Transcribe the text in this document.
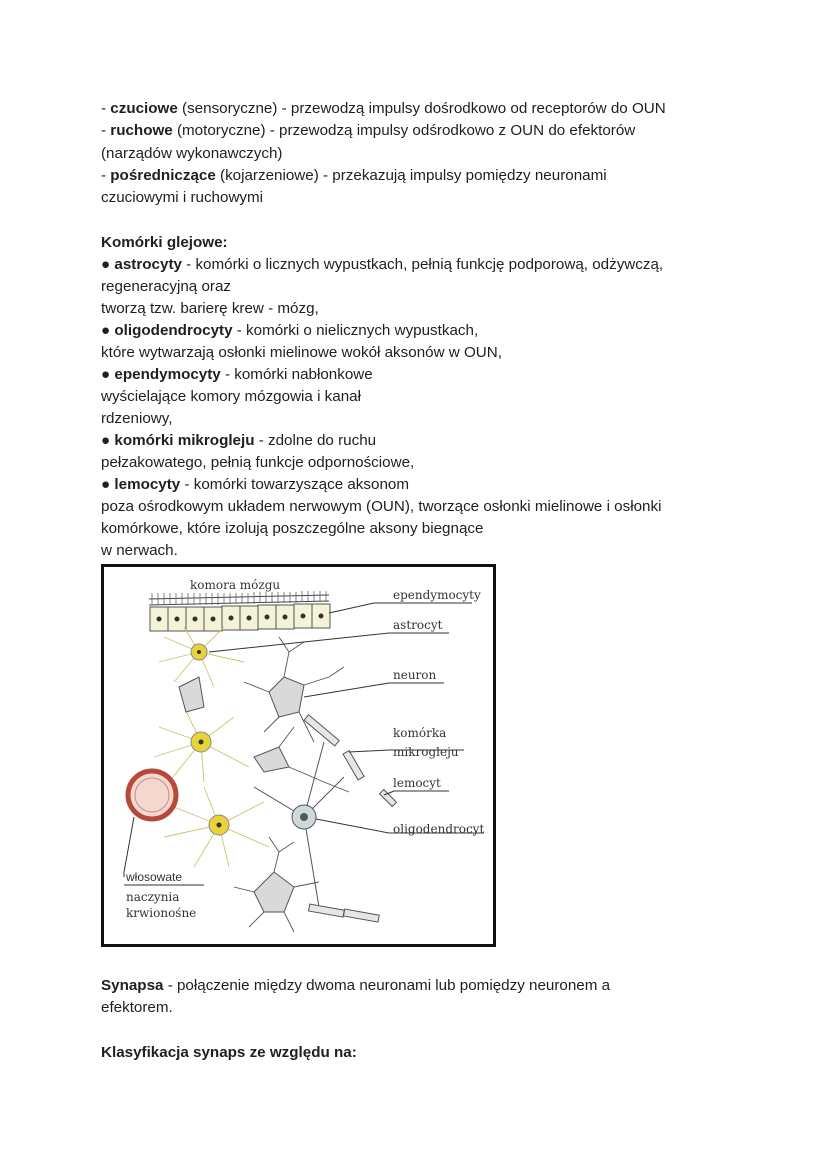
- czuciowe (sensoryczne) - przewodzą impulsy dośrodkowo od receptorów do OUN
- ruchowe (motoryczne) - przewodzą impulsy odśrodkowo z OUN do efektorów
(narządów wykonawczych)
- pośredniczące (kojarzeniowe) - przekazują impulsy pomiędzy neuronami
czuciowymi i ruchowymi
Komórki glejowe:
● astrocyty - komórki o licznych wypustkach, pełnią funkcję podporową, odżywczą,
regeneracyjną oraz
tworzą tzw. barierę krew - mózg,
● oligodendrocyty - komórki o nielicznych wypustkach,
które wytwarzają osłonki mielinowe wokół aksonów w OUN,
● ependymocyty - komórki nabłonkowe
wyścielające komory mózgowia i kanał
rdzeniowy,
● komórki mikrogleju - zdolne do ruchu
pełzakowatego, pełnią funkcje odpornościowe,
● lemocyty - komórki towarzyszące aksonom
poza ośrodkowym układem nerwowym (OUN), tworzące osłonki mielinowe i osłonki
komórkowe, które izolują poszczególne aksony biegnące
w nerwach.
komora mózgu
ependymocyty
astrocyt
neuron
komórka
mikrogleju
lemocyt
oligodendrocyt
włosowate
naczynia
krwionośne
Synapsa - połączenie między dwoma neuronami lub pomiędzy neuronem a
efektorem.
Klasyfikacja synaps ze względu na:
